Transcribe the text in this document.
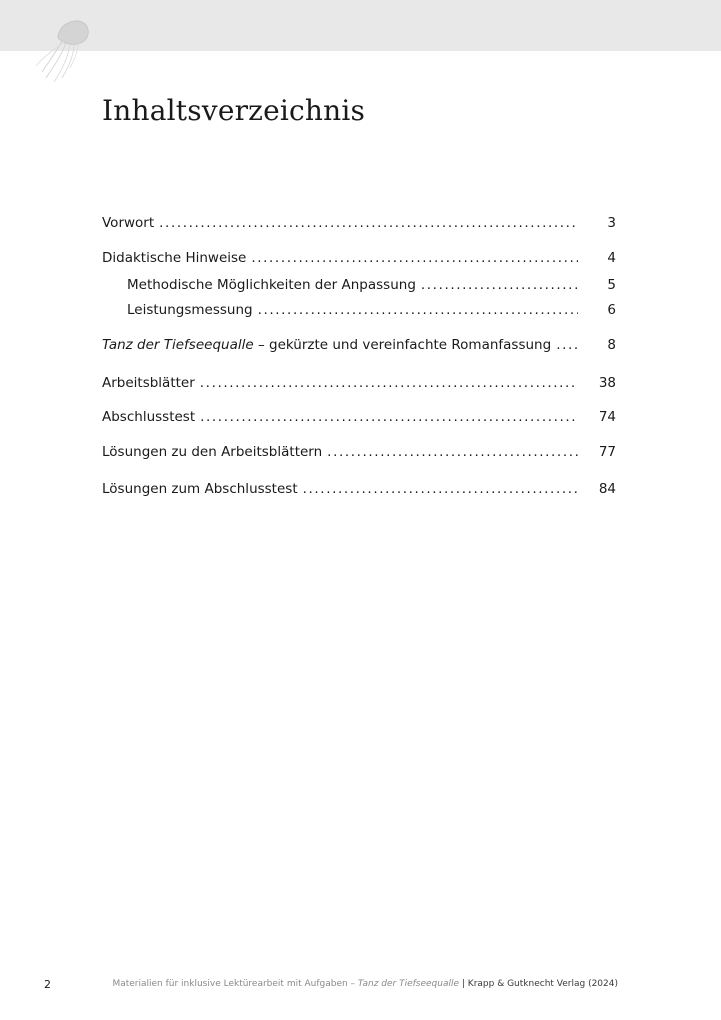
Inhaltsverzeichnis
Vorwort .....	3
Didaktische Hinweise .....	4
Methodische Möglichkeiten der Anpassung .....	5
Leistungsmessung .....	6
Tanz der Tiefseequalle – gekürzte und vereinfachte Romanfassung .....	8
Arbeitsblätter .....	38
Abschlusstest .....	74
Lösungen zu den Arbeitsblättern .....	77
Lösungen zum Abschlusstest .....	84
2	Materialien für inklusive Lektürearbeit mit Aufgaben – Tanz der Tiefseequalle | Krapp & Gutknecht Verlag (2024)
